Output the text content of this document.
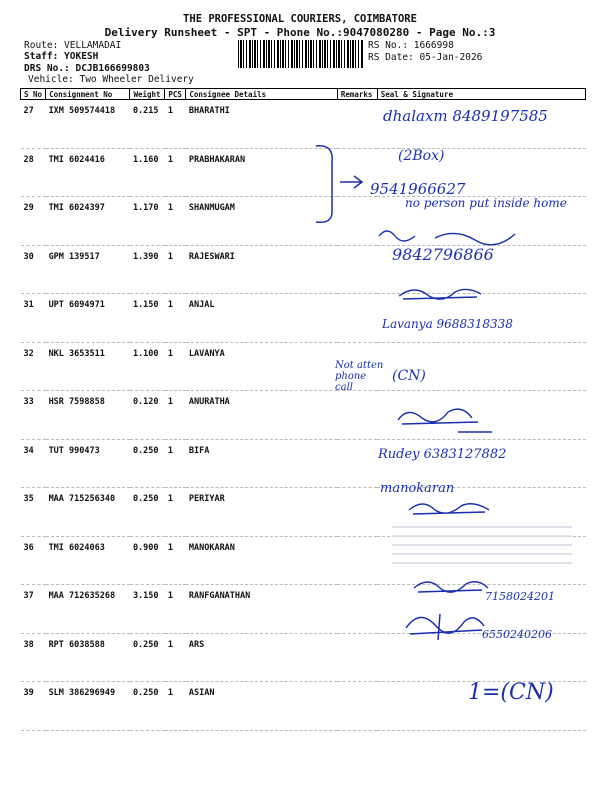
THE PROFESSIONAL COURIERS, COIMBATORE
Delivery Runsheet - SPT - Phone No.:9047080280 - Page No.:3
Route: VELLAMADAI
Staff: YOKESH
DRS No.: DCJB166699803
Vehicle: Two Wheeler Delivery
RS No.: 1666998
RS Date: 05-Jan-2026
S No	Consignment No	Weight	PCS	Consignee Details	Remarks	Seal & Signature
27	IXM 509574418	0.215	1	BHARATHI		
28	TMI 6024416	1.160	1	PRABHAKARAN		
29	TMI 6024397	1.170	1	SHANMUGAM		
30	GPM 139517	1.390	1	RAJESWARI		
31	UPT 6094971	1.150	1	ANJAL		
32	NKL 3653511	1.100	1	LAVANYA		
33	HSR 7598858	0.120	1	ANURATHA		
34	TUT 990473	0.250	1	BIFA		
35	MAA 715256340	0.250	1	PERIYAR		
36	TMI 6024063	0.900	1	MANOKARAN		
37	MAA 712635268	3.150	1	RANFGANATHAN		
38	RPT 6038588	0.250	1	ARS		
39	SLM 386296949	0.250	1	ASIAN		
dhalaxm 8489197585
(2Box)
9541966627
no person put inside home
9842796866
Lavanya 9688318338
Not atten phone call
(CN)
Rudey 6383127882
manokaran
7158024201
6550240206
1=(CN)
